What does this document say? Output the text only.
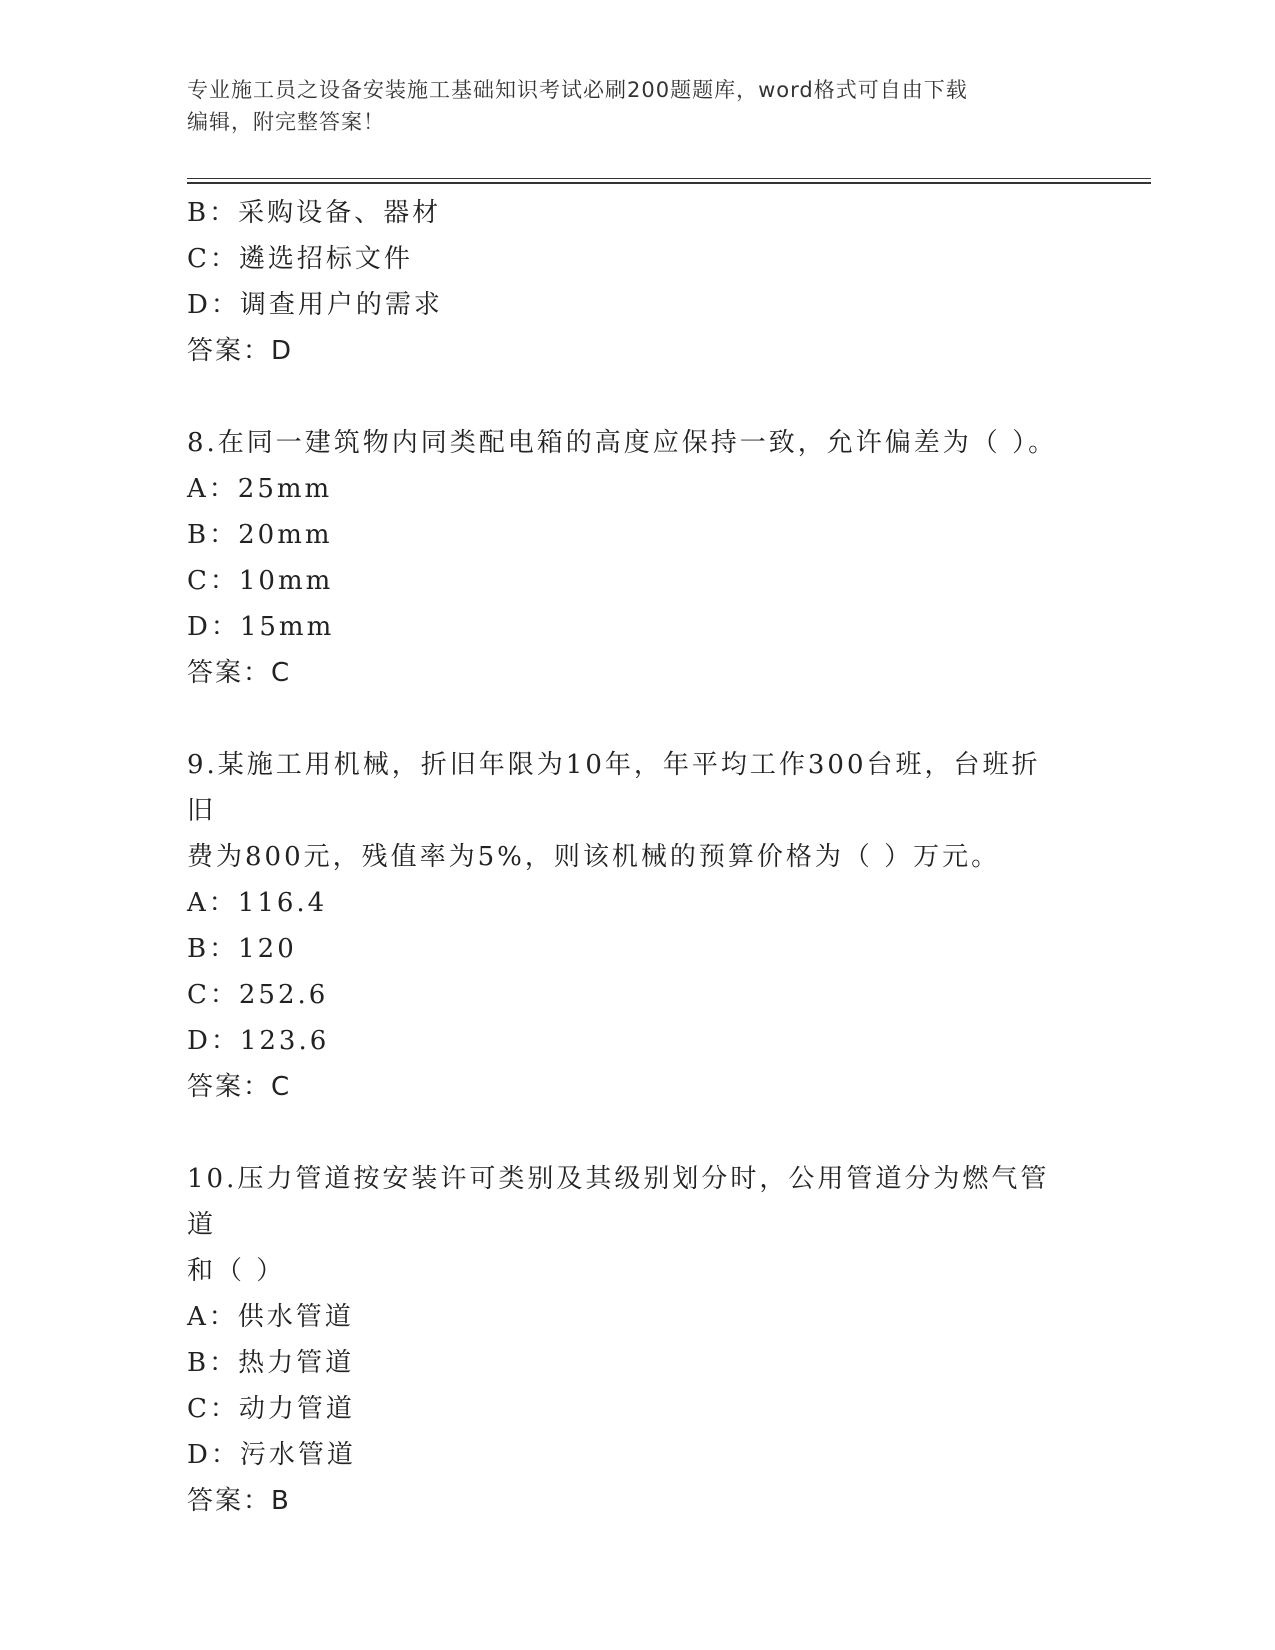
专业施工员之设备安装施工基础知识考试必刷200题题库，word格式可自由下载
编辑，附完整答案！
B：采购设备、器材
C：遴选招标文件
D：调查用户的需求
答案：D
8.在同一建筑物内同类配电箱的高度应保持一致，允许偏差为（ ）。
A：25mm
B：20mm
C：10mm
D：15mm
答案：C
9.某施工用机械，折旧年限为10年，年平均工作300台班，台班折旧
费为800元，残值率为5%，则该机械的预算价格为（ ）万元。
A：116.4
B：120
C：252.6
D：123.6
答案：C
10.压力管道按安装许可类别及其级别划分时，公用管道分为燃气管道
和（ ）
A：供水管道
B：热力管道
C：动力管道
D：污水管道
答案：B
